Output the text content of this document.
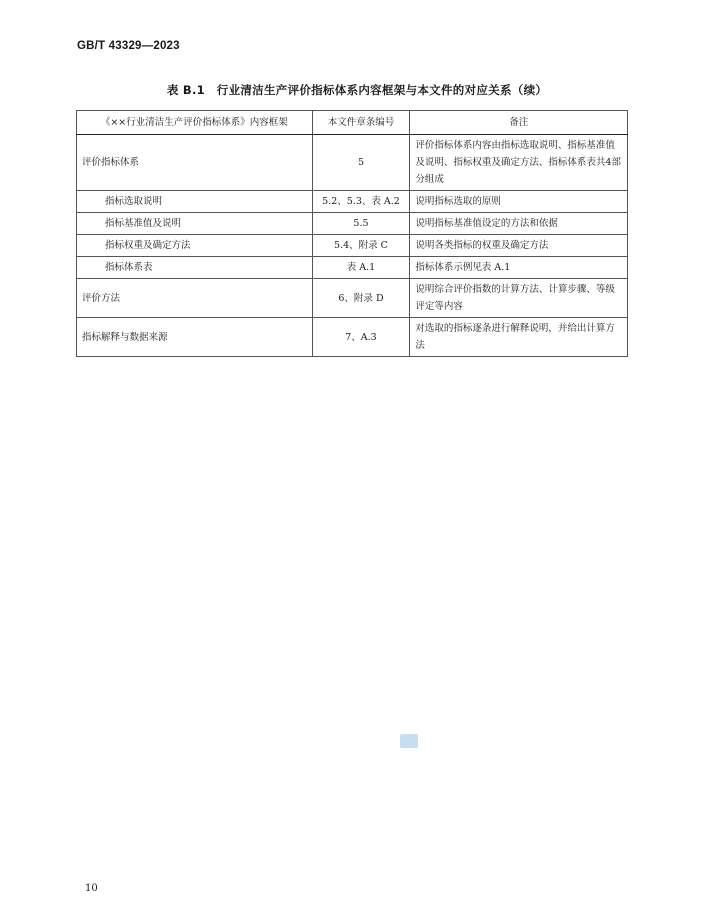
GB/T 43329—2023
表 B.1　行业清洁生产评价指标体系内容框架与本文件的对应关系（续）
《××行业清洁生产评价指标体系》内容框架	本文件章条编号	备注
评价指标体系	5	评价指标体系内容由指标选取说明、指标基准值及说明、指标权重及确定方法、指标体系表共4部分组成
指标选取说明	5.2、5.3、表 A.2	说明指标选取的原则
指标基准值及说明	5.5	说明指标基准值设定的方法和依据
指标权重及确定方法	5.4、附录 C	说明各类指标的权重及确定方法
指标体系表	表 A.1	指标体系示例见表 A.1
评价方法	6、附录 D	说明综合评价指数的计算方法、计算步骤、等级评定等内容
指标解释与数据来源	7、A.3	对选取的指标逐条进行解释说明，并给出计算方法
10
